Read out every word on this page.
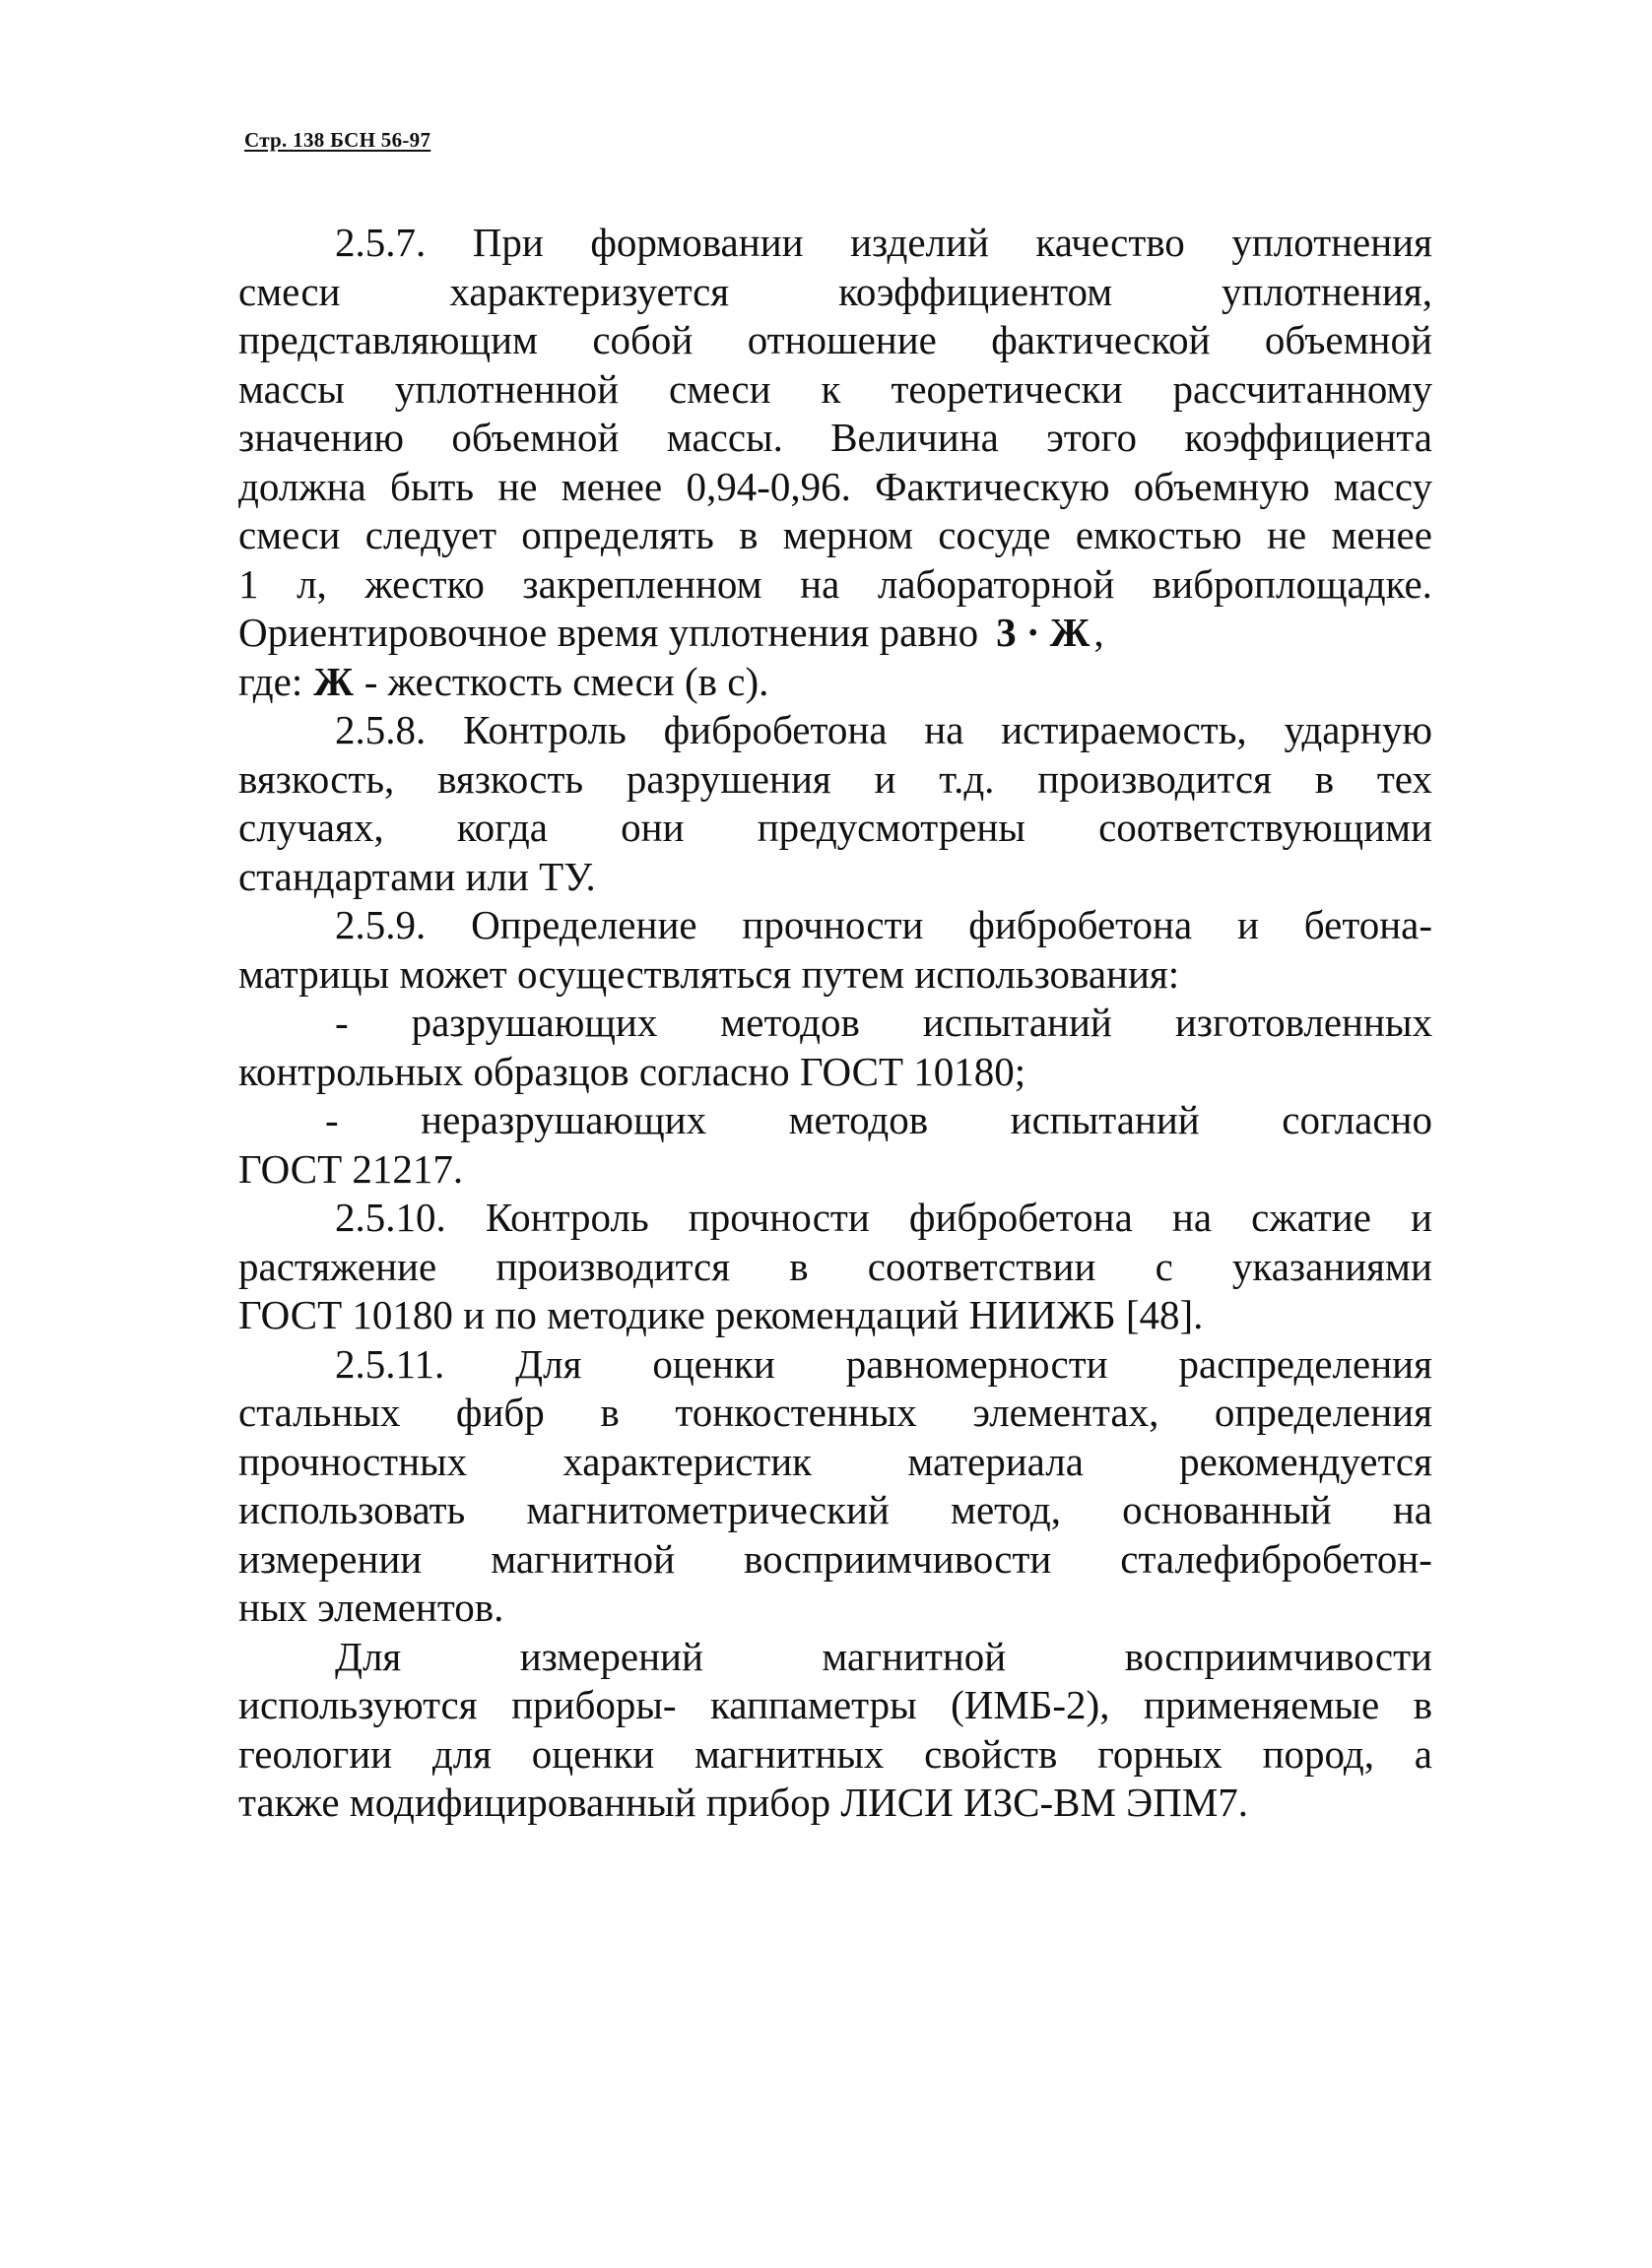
Стр. 138 БСН 56-97
2.5.7. При формовании изделий качество уплотнения
смеси	характеризуется	коэффициентом	уплотнения,
представляющим собой отношение фактической объемной
массы уплотненной смеси к теоретически рассчитанному
значению объемной массы. Величина этого коэффициента
должна быть не менее 0,94-0,96. Фактическую объемную массу
смеси следует определять в мерном сосуде емкостью не менее
1 л, жестко закрепленном на лабораторной виброплощадке.
Ориентировочное время уплотнения равно 3 · Ж ,
где: Ж - жесткость смеси (в с).
2.5.8. Контроль фибробетона на истираемость, ударную
вязкость, вязкость разрушения и т.д. производится в тех
случаях, когда они предусмотрены соответствующими
стандартами или ТУ.
2.5.9. Определение прочности фибробетона и бетона-
матрицы может осуществляться путем использования:
- разрушающих методов испытаний изготовленных
контрольных образцов согласно ГОСТ 10180;
- неразрушающих методов испытаний согласно
ГОСТ 21217.
2.5.10. Контроль прочности фибробетона на сжатие и
растяжение производится в соответствии с указаниями
ГОСТ 10180 и по методике рекомендаций НИИЖБ [48].
2.5.11. Для оценки равномерности распределения
стальных фибр в тонкостенных элементах, определения
прочностных характеристик материала рекомендуется
использовать магнитометрический метод, основанный на
измерении магнитной восприимчивости сталефибробетон-
ных элементов.
Для	измерений	магнитной	восприимчивости
используются приборы- каппаметры (ИМБ-2), применяемые в
геологии для оценки магнитных свойств горных пород, а
также модифицированный прибор ЛИСИ ИЗС-ВМ ЭПМ7.
